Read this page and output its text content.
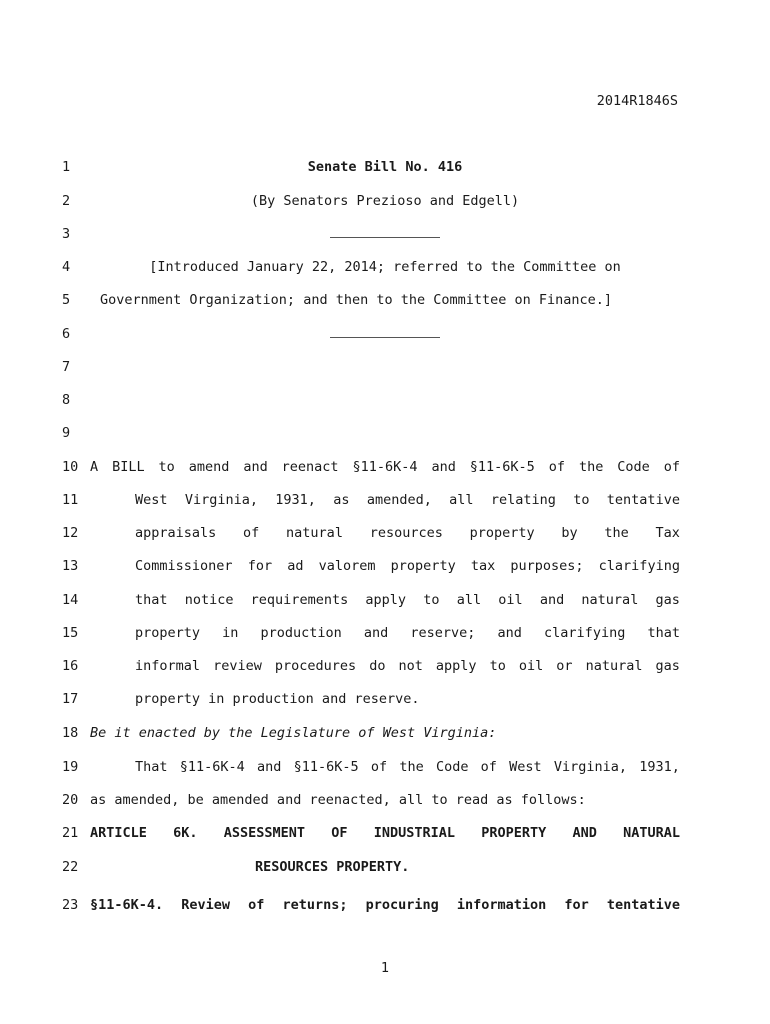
2014R1846S
1	Senate Bill No. 416
2	(By Senators Prezioso and Edgell)
3
4	[Introduced January 22, 2014; referred to the Committee on
5 Government Organization; and then to the Committee on Finance.]
6
7
8
9
10 A BILL to amend and reenact §11-6K-4 and §11-6K-5 of the Code of
11	West Virginia, 1931, as amended, all relating to tentative
12	appraisals of natural resources property by the Tax
13	Commissioner for ad valorem property tax purposes; clarifying
14	that notice requirements apply to all oil and natural gas
15	property in production and reserve; and clarifying that
16	informal review procedures do not apply to oil or natural gas
17	property in production and reserve.
18 Be it enacted by the Legislature of West Virginia:
19	That §11-6K-4 and §11-6K-5 of the Code of West Virginia, 1931,
20 as amended, be amended and reenacted, all to read as follows:
21 ARTICLE 6K. ASSESSMENT OF INDUSTRIAL PROPERTY AND NATURAL
22	RESOURCES PROPERTY.
23 §11-6K-4. Review of returns; procuring information for tentative
1
